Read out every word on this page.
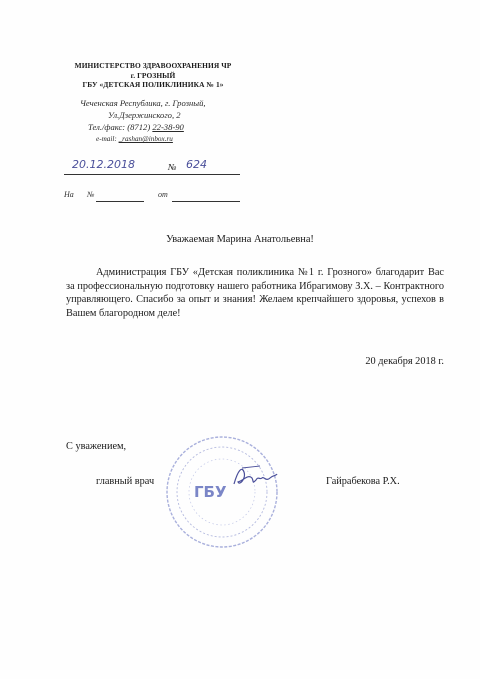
МИНИСТЕРСТВО ЗДРАВООХРАНЕНИЯ ЧР
г. ГРОЗНЫЙ
ГБУ «ДЕТСКАЯ ПОЛИКЛИНИКА № 1»
Чеченская Республика, г. Грозный,
Ул.Дзержинского, 2
Тел./факс: (8712) 22-38-90
e-mail: _rashan@inbox.ru
20.12.2018	№ 624
На №	от
Уважаемая Марина Анатольевна!
Администрация ГБУ «Детская поликлиника №1 г. Грозного» благодарит Вас за профессиональную подготовку нашего работника Ибрагимову З.Х. – Контрактного управляющего. Спасибо за опыт и знания! Желаем крепчайшего здоровья, успехов в Вашем благородном деле!
20 декабря 2018 г.
С уважением,
ГБУ
главный врач	Гайрабекова Р.Х.
